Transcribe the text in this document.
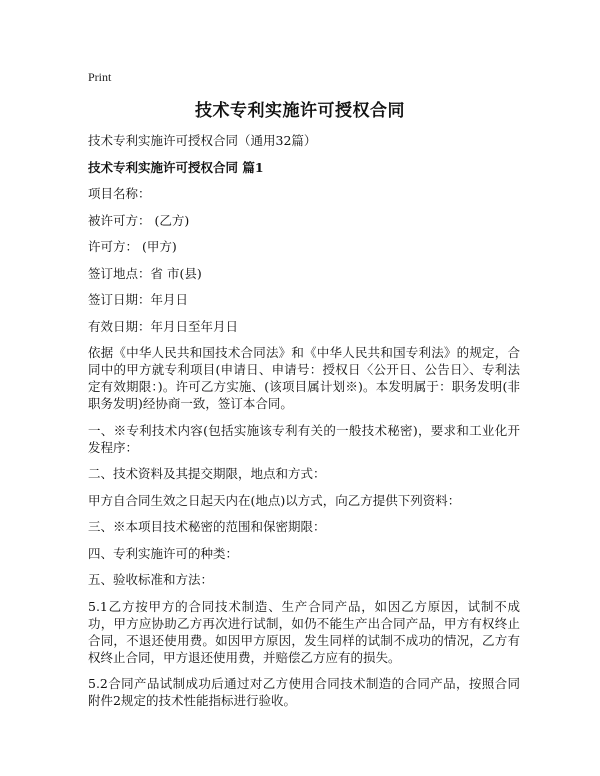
Print
技术专利实施许可授权合同

技术专利实施许可授权合同（通用32篇）

技术专利实施许可授权合同 篇1

项目名称：

被许可方： (乙方)

许可方： (甲方)

签订地点：省 市(县)

签订日期：年月日

有效日期：年月日至年月日

依据《中华人民共和国技术合同法》和《中华人民共和国专利法》的规定，合同中的甲方就专利项目(申请日、申请号：授权日〈公开日、公告日〉、专利法定有效期限：)。许可乙方实施、(该项目属计划※)。本发明属于：职务发明(非职务发明)经协商一致，签订本合同。

一、※专利技术内容(包括实施该专利有关的一般技术秘密)，要求和工业化开发程序：

二、技术资料及其提交期限，地点和方式：

甲方自合同生效之日起天内在(地点)以方式，向乙方提供下列资料：

三、※本项目技术秘密的范围和保密期限：

四、专利实施许可的种类：

五、验收标准和方法：

5.1乙方按甲方的合同技术制造、生产合同产品，如因乙方原因，试制不成功，甲方应协助乙方再次进行试制，如仍不能生产出合同产品，甲方有权终止合同，不退还使用费。如因甲方原因，发生同样的试制不成功的情况，乙方有权终止合同，甲方退还使用费，并赔偿乙方应有的损失。

5.2合同产品试制成功后通过对乙方使用合同技术制造的合同产品，按照合同附件2规定的技术性能指标进行验收。
